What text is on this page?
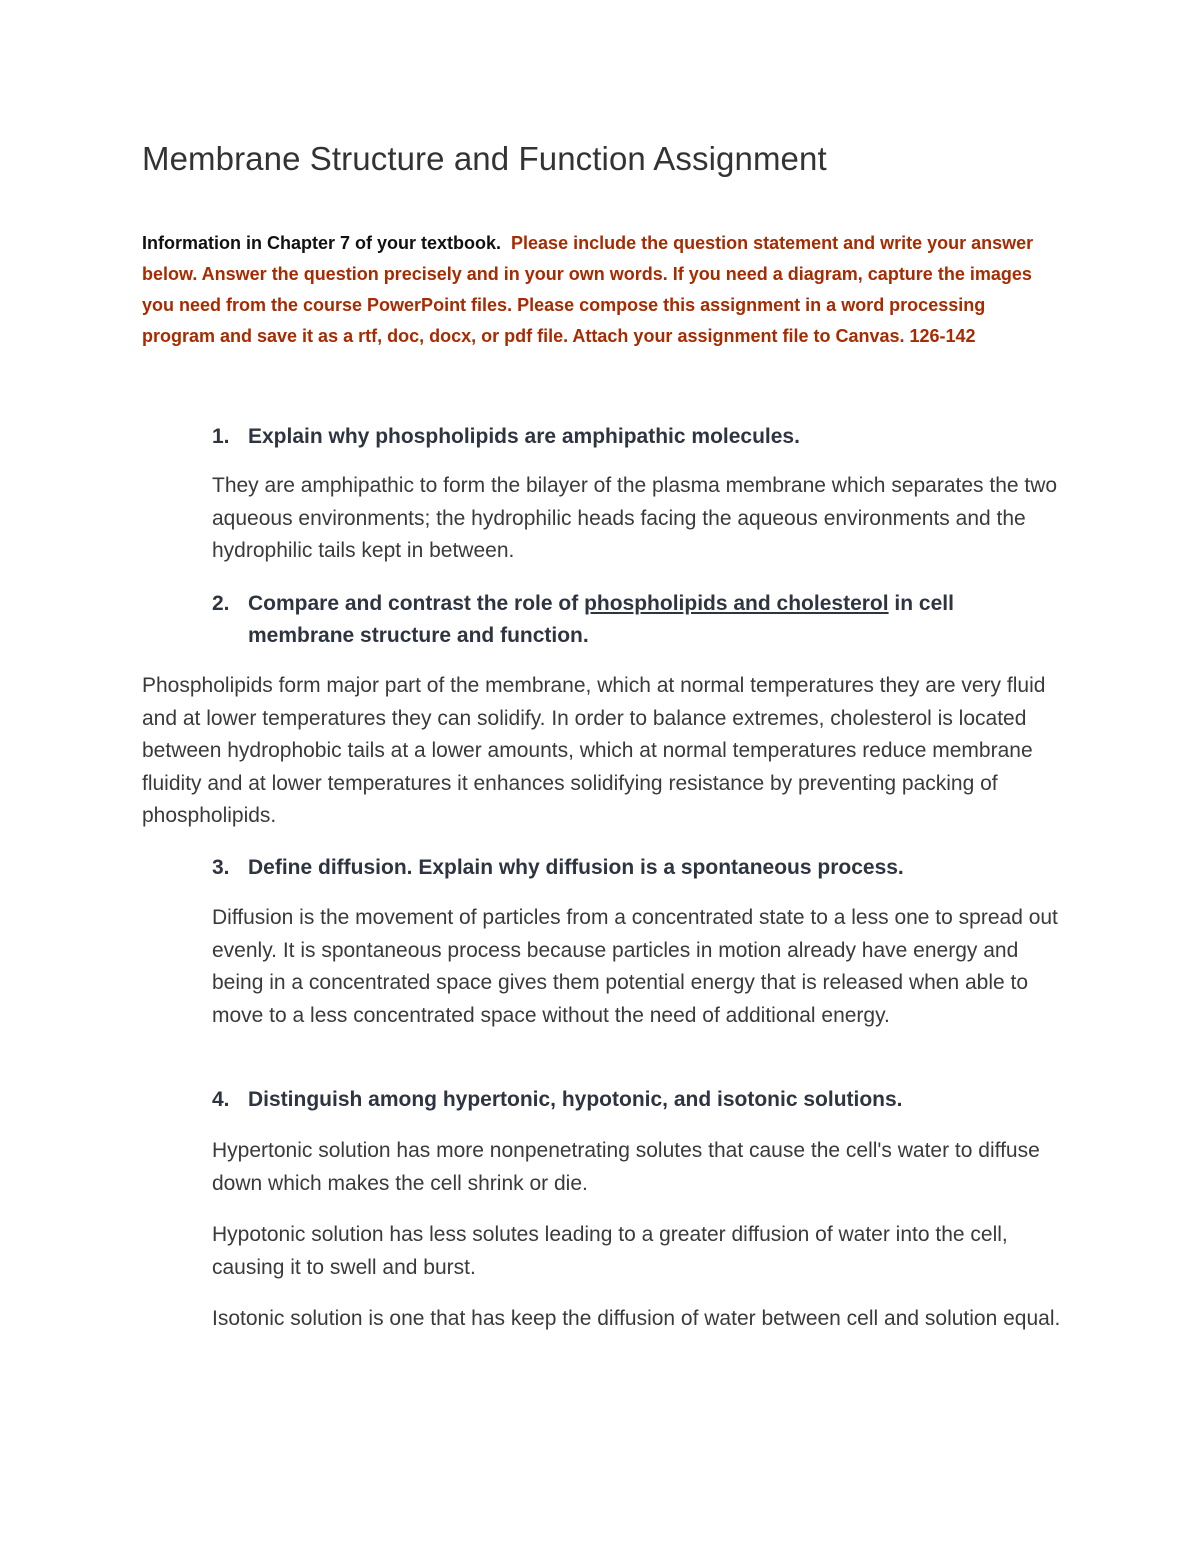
Membrane Structure and Function Assignment

Information in Chapter 7 of your textbook. Please include the question statement and write your answer below. Answer the question precisely and in your own words. If you need a diagram, capture the images you need from the course PowerPoint files. Please compose this assignment in a word processing program and save it as a rtf, doc, docx, or pdf file. Attach your assignment file to Canvas. 126-142

1. Explain why phospholipids are amphipathic molecules.

They are amphipathic to form the bilayer of the plasma membrane which separates the two aqueous environments; the hydrophilic heads facing the aqueous environments and the hydrophilic tails kept in between.

2. Compare and contrast the role of phospholipids and cholesterol in cell membrane structure and function.

Phospholipids form major part of the membrane, which at normal temperatures they are very fluid and at lower temperatures they can solidify. In order to balance extremes, cholesterol is located between hydrophobic tails at a lower amounts, which at normal temperatures reduce membrane fluidity and at lower temperatures it enhances solidifying resistance by preventing packing of phospholipids.

3. Define diffusion. Explain why diffusion is a spontaneous process.

Diffusion is the movement of particles from a concentrated state to a less one to spread out evenly. It is spontaneous process because particles in motion already have energy and being in a concentrated space gives them potential energy that is released when able to move to a less concentrated space without the need of additional energy.

4. Distinguish among hypertonic, hypotonic, and isotonic solutions.

Hypertonic solution has more nonpenetrating solutes that cause the cell's water to diffuse down which makes the cell shrink or die.

Hypotonic solution has less solutes leading to a greater diffusion of water into the cell, causing it to swell and burst.

Isotonic solution is one that has keep the diffusion of water between cell and solution equal.
